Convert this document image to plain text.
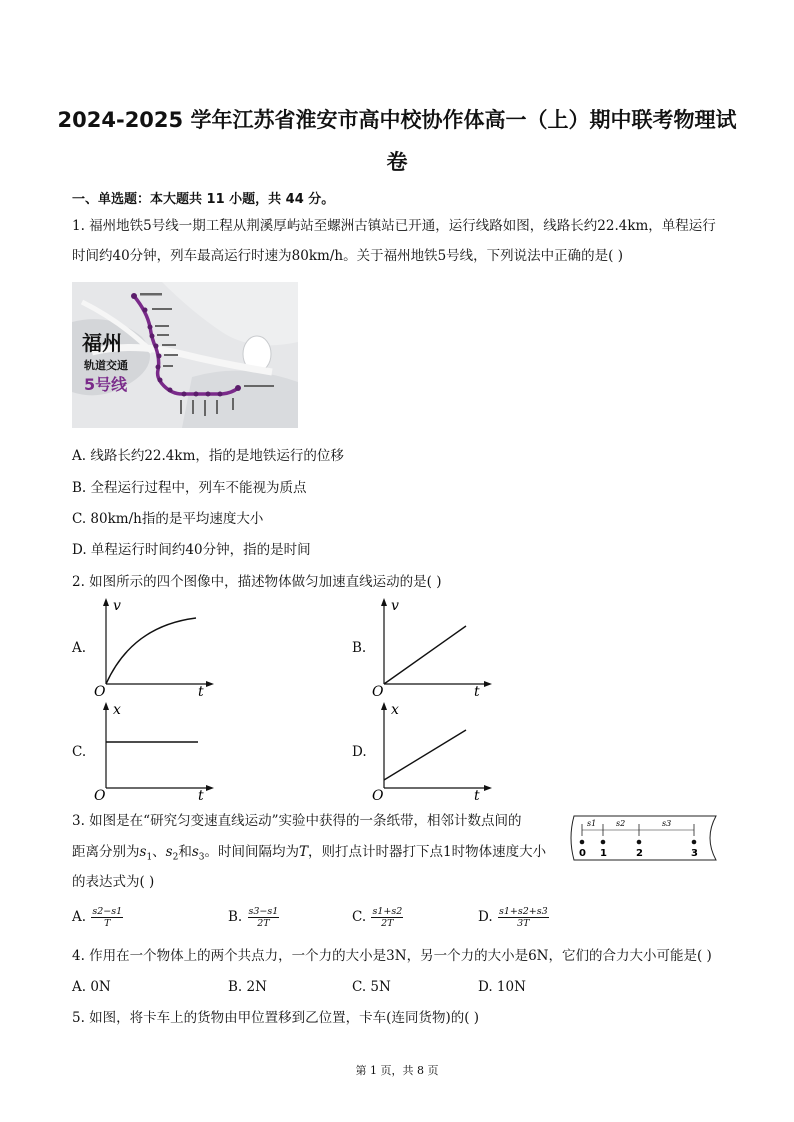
2024-2025 学年江苏省淮安市高中校协作体高一（上）期中联考物理试
卷
一、单选题：本大题共 11 小题，共 44 分。
1. 福州地铁5号线一期工程从荆溪厚屿站至螺洲古镇站已开通，运行线路如图，线路长约22.4km，单程运行
时间约40分钟，列车最高运行时速为80km/h。关于福州地铁5号线，下列说法中正确的是( )
福州
轨道交通
5号线
A. 线路长约22.4km，指的是地铁运行的位移
B. 全程运行过程中，列车不能视为质点
C. 80km/h指的是平均速度大小
D. 单程运行时间约40分钟，指的是时间
2. 如图所示的四个图像中，描述物体做匀加速直线运动的是( )
A.
v
t
O
B.
v
t
O
C.
x
t
O
D.
x
t
O
3. 如图是在“研究匀变速直线运动”实验中获得的一条纸带，相邻计数点间的
距离分别为$s_1$、$s_2$和$s_3$。时间间隔均为T，则打点计时器打下点1时物体速度大小
的表达式为( )
s1 s2	s3
0 1	2	3
A. $\frac{s2-s1}{T}$	B. $\frac{s3-s1}{2T}$	C. $\frac{s1+s2}{2T}$	D. $\frac{s1+s2+s3}{3T}$
4. 作用在一个物体上的两个共点力，一个力的大小是3N，另一个力的大小是6N，它们的合力大小可能是( )
A. 0N	B. 2N	C. 5N	D. 10N
5. 如图，将卡车上的货物由甲位置移到乙位置，卡车(连同货物)的( )
第 1 页，共 8 页
